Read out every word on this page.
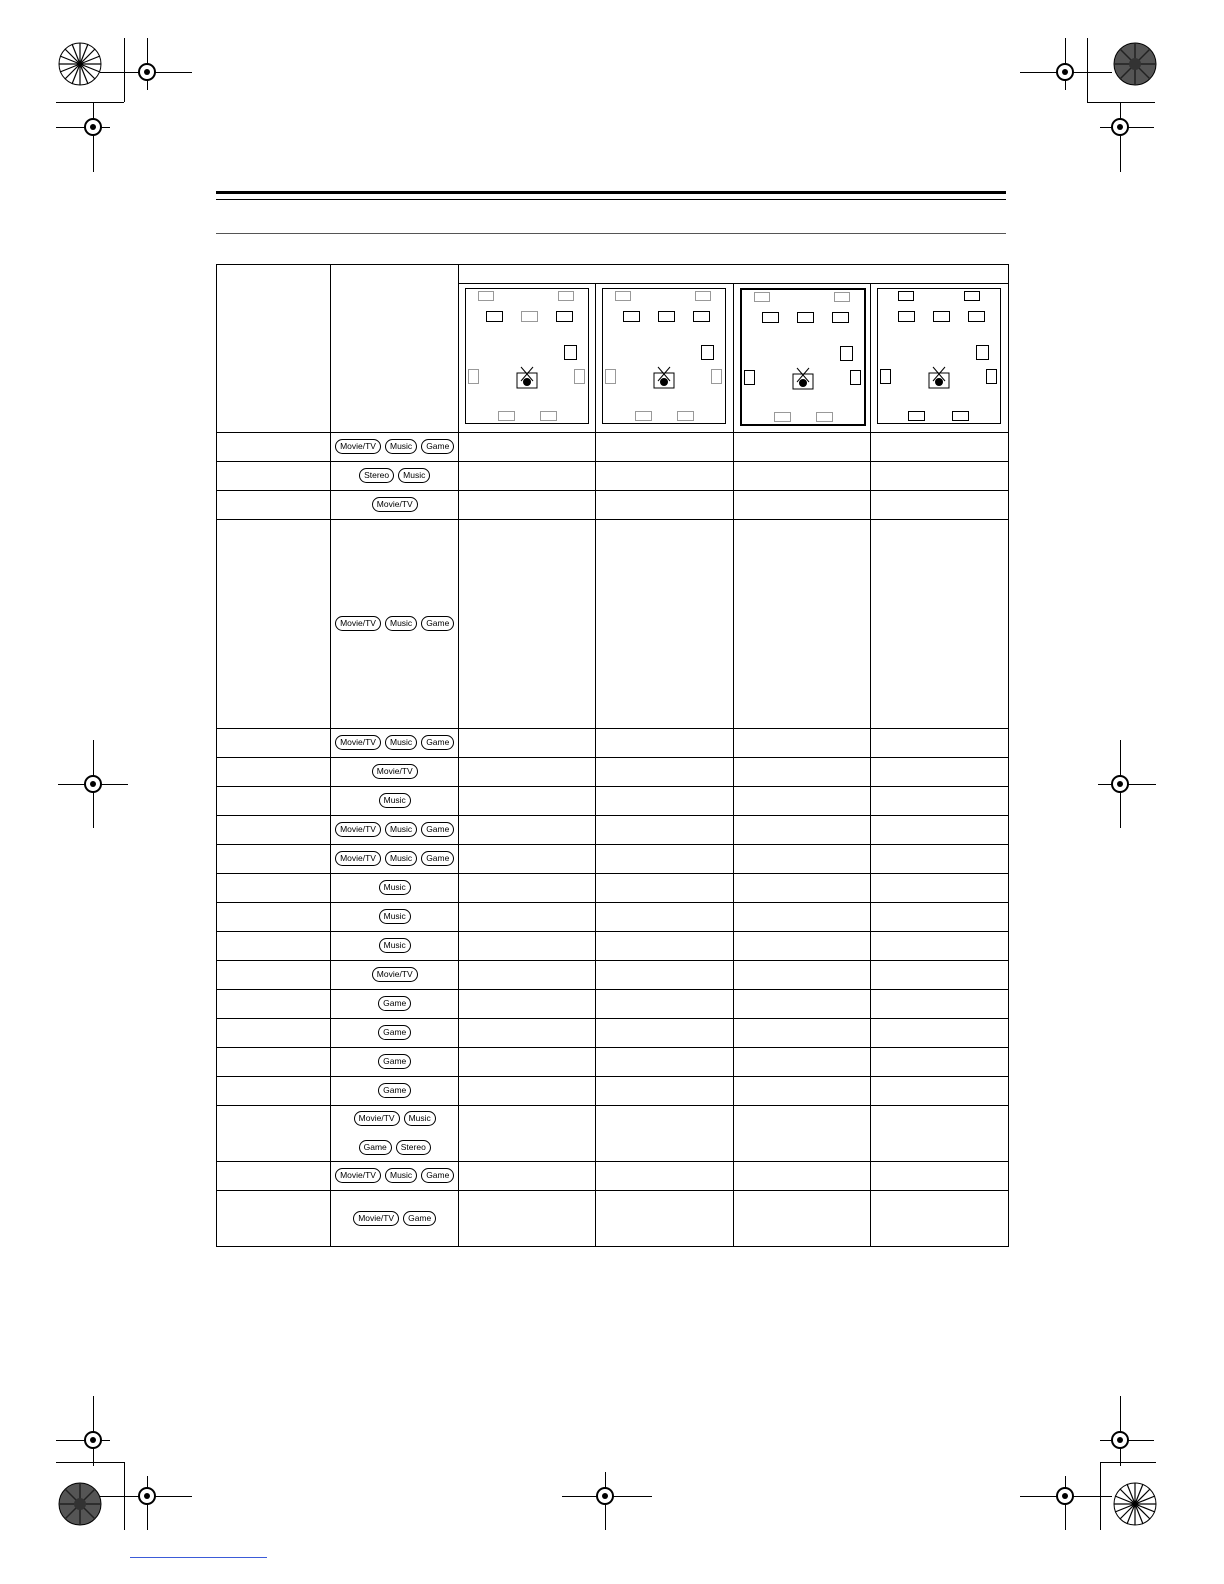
	Movie/TV Music Game				
	Stereo Music				
	Movie/TV				
	Movie/TV Music Game				
	Movie/TV Music Game				
	Movie/TV				
	Music				
	Movie/TV Music Game				
	Movie/TV Music Game				
	Music				
	Music				
	Music				
	Movie/TV				
	Game				
	Game				
	Game				
	Game				

	Movie/TV Music
Game Stereo				

	Movie/TV Music Game				
	Movie/TV Game				
